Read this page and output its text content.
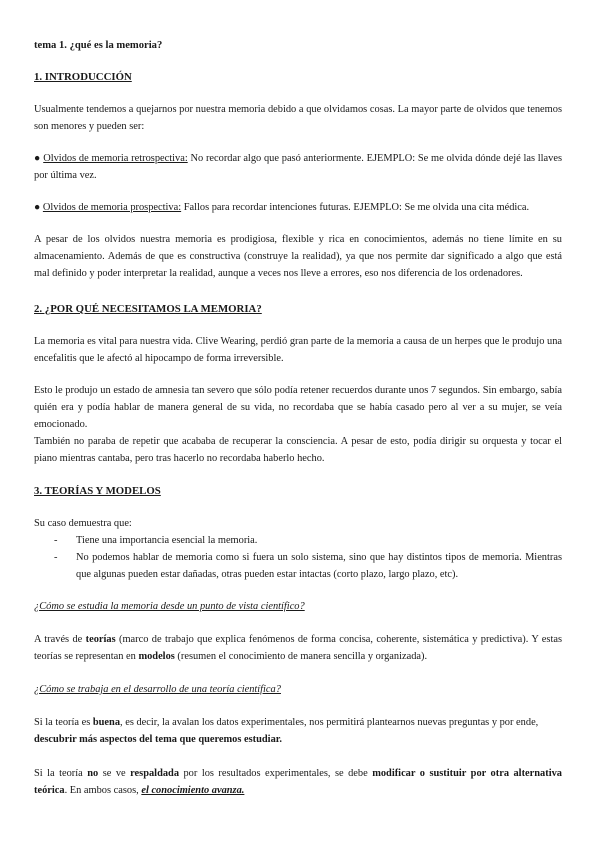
tema 1. ¿qué es la memoria?

1. INTRODUCCIÓN

Usualmente tendemos a quejarnos por nuestra memoria debido a que olvidamos cosas. La mayor parte de olvidos que tenemos son menores y pueden ser:

● Olvidos de memoria retrospectiva: No recordar algo que pasó anteriormente. EJEMPLO: Se me olvida dónde dejé las llaves por última vez.

● Olvidos de memoria prospectiva: Fallos para recordar intenciones futuras. EJEMPLO: Se me olvida una cita médica.

A pesar de los olvidos nuestra memoria es prodigiosa, flexible y rica en conocimientos, además no tiene límite en su almacenamiento. Además de que es constructiva (construye la realidad), ya que nos permite dar significado a algo que está mal definido y poder interpretar la realidad, aunque a veces nos lleve a errores, eso nos diferencia de los ordenadores.

2. ¿POR QUÉ NECESITAMOS LA MEMORIA?

La memoria es vital para nuestra vida. Clive Wearing, perdió gran parte de la memoria a causa de un herpes que le produjo una encefalitis que le afectó al hipocampo de forma irreversible.

Esto le produjo un estado de amnesia tan severo que sólo podía retener recuerdos durante unos 7 segundos. Sin embargo, sabía quién era y podía hablar de manera general de su vida, no recordaba que se había casado pero al ver a su mujer, se veía emocionado.

También no paraba de repetir que acababa de recuperar la consciencia. A pesar de esto, podía dirigir su orquesta y tocar el piano mientras cantaba, pero tras hacerlo no recordaba haberlo hecho.

3. TEORÍAS Y MODELOS

Su caso demuestra que:

- Tiene una importancia esencial la memoria.
- No podemos hablar de memoria como si fuera un solo sistema, sino que hay distintos tipos de memoria. Mientras que algunas pueden estar dañadas, otras pueden estar intactas (corto plazo, largo plazo, etc).

¿Cómo se estudia la memoria desde un punto de vista científico?

A través de teorías (marco de trabajo que explica fenómenos de forma concisa, coherente, sistemática y predictiva). Y estas teorías se representan en modelos (resumen el conocimiento de manera sencilla y organizada).

¿Cómo se trabaja en el desarrollo de una teoría científica?

Si la teoría es buena, es decir, la avalan los datos experimentales, nos permitirá plantearnos nuevas preguntas y por ende, descubrir más aspectos del tema que queremos estudiar.

Si la teoría no se ve respaldada por los resultados experimentales, se debe modificar o sustituir por otra alternativa teórica. En ambos casos, el conocimiento avanza.
